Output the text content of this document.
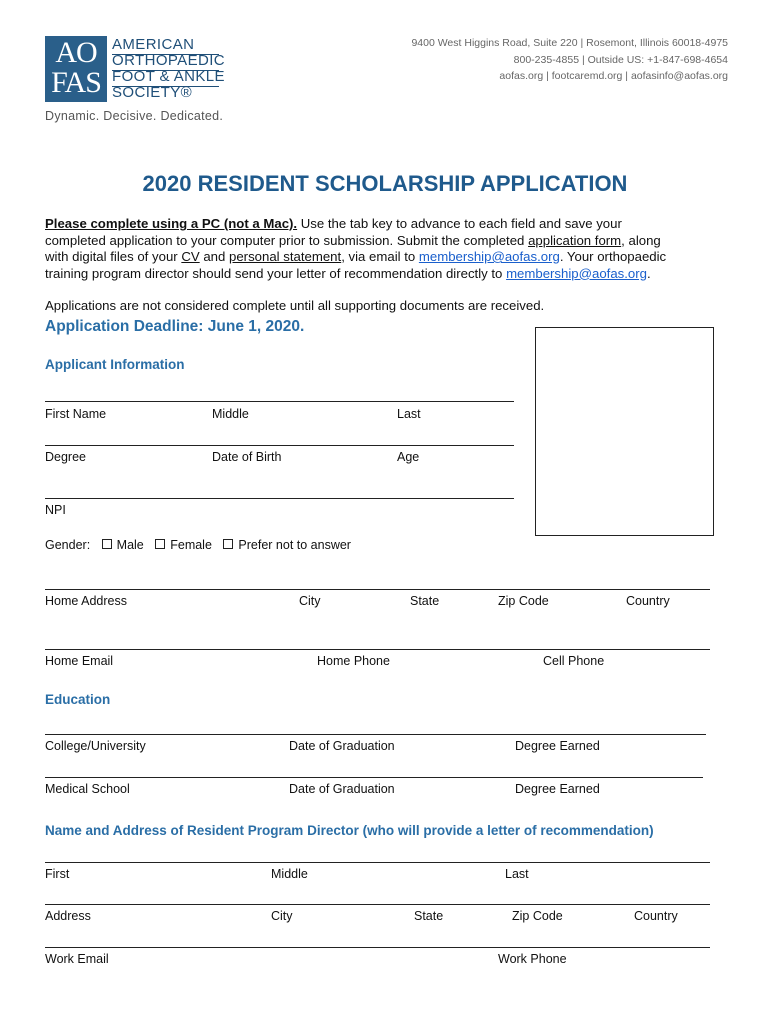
AO
FAS
AMERICAN
ORTHOPAEDIC
FOOT & ANKLE
SOCIETY®
Dynamic. Decisive. Dedicated.
9400 West Higgins Road, Suite 220 | Rosemont, Illinois 60018-4975
800-235-4855 | Outside US: +1-847-698-4654
aofas.org | footcaremd.org | aofasinfo@aofas.org
2020 RESIDENT SCHOLARSHIP APPLICATION
Please complete using a PC (not a Mac). Use the tab key to advance to each field and save your completed application to your computer prior to submission. Submit the completed application form, along with digital files of your CV and personal statement, via email to membership@aofas.org. Your orthopaedic training program director should send your letter of recommendation directly to membership@aofas.org.
Applications are not considered complete until all supporting documents are received.
Application Deadline: June 1, 2020.
Applicant Information
First Name	Middle	Last
Degree	Date of Birth	Age
NPI
Gender: Male Female Prefer not to answer
Home Address	City	State	Zip Code	Country
Home Email	Home Phone	Cell Phone
Education
College/University	Date of Graduation	Degree Earned
Medical School	Date of Graduation	Degree Earned
Name and Address of Resident Program Director (who will provide a letter of recommendation)
First	Middle	Last
Address	City	State	Zip Code	Country
Work Email	Work Phone
